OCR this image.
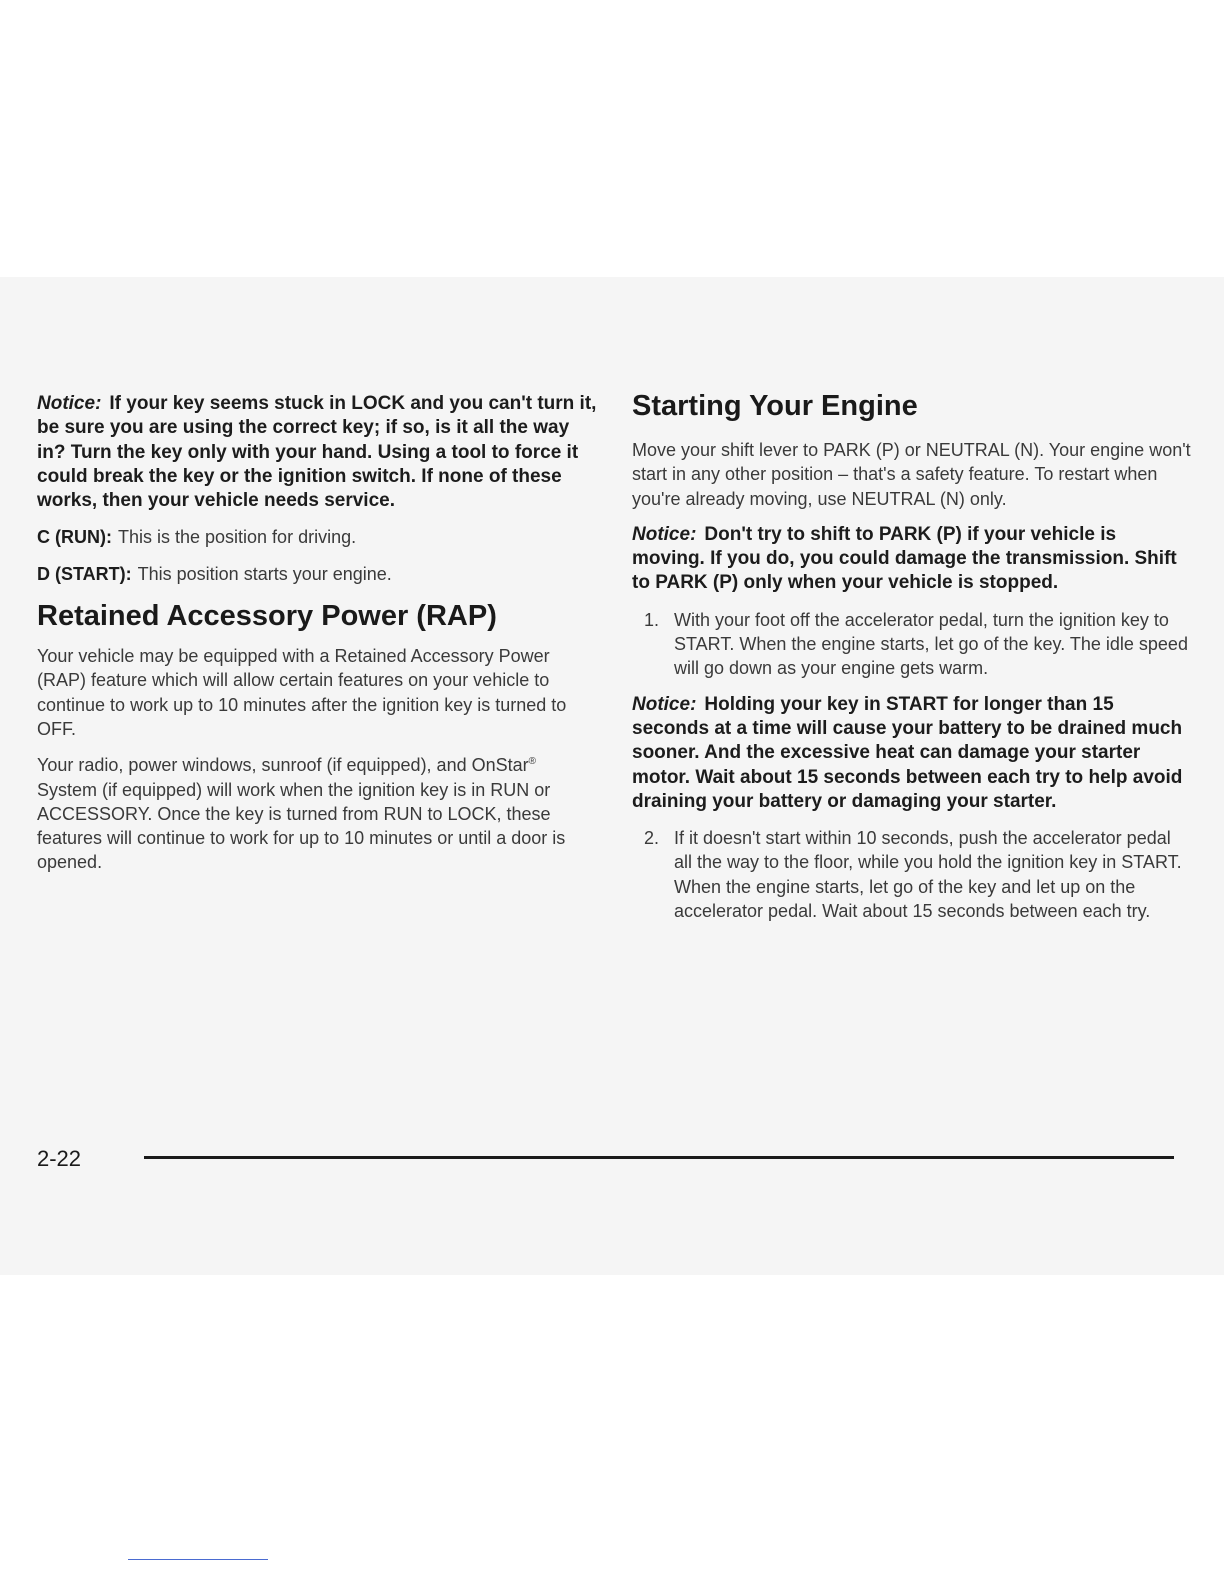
Notice: If your key seems stuck in LOCK and you can't turn it, be sure you are using the correct key; if so, is it all the way in? Turn the key only with your hand. Using a tool to force it could break the key or the ignition switch. If none of these works, then your vehicle needs service.

C (RUN): This is the position for driving.

D (START): This position starts your engine.

Retained Accessory Power (RAP)

Your vehicle may be equipped with a Retained Accessory Power (RAP) feature which will allow certain features on your vehicle to continue to work up to 10 minutes after the ignition key is turned to OFF.

Your radio, power windows, sunroof (if equipped), and OnStar® System (if equipped) will work when the ignition key is in RUN or ACCESSORY. Once the key is turned from RUN to LOCK, these features will continue to work for up to 10 minutes or until a door is opened.

Starting Your Engine

Move your shift lever to PARK (P) or NEUTRAL (N). Your engine won't start in any other position – that's a safety feature. To restart when you're already moving, use NEUTRAL (N) only.

Notice: Don't try to shift to PARK (P) if your vehicle is moving. If you do, you could damage the transmission. Shift to PARK (P) only when your vehicle is stopped.

1. With your foot off the accelerator pedal, turn the ignition key to START. When the engine starts, let go of the key. The idle speed will go down as your engine gets warm.

Notice: Holding your key in START for longer than 15 seconds at a time will cause your battery to be drained much sooner. And the excessive heat can damage your starter motor. Wait about 15 seconds between each try to help avoid draining your battery or damaging your starter.

2. If it doesn't start within 10 seconds, push the accelerator pedal all the way to the floor, while you hold the ignition key in START. When the engine starts, let go of the key and let up on the accelerator pedal. Wait about 15 seconds between each try.
2-22
